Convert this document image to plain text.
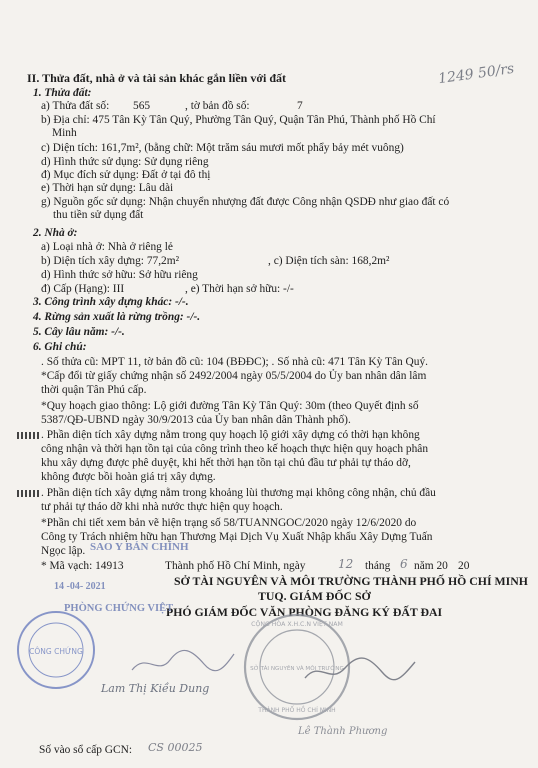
1249 50/rs
II. Thửa đất, nhà ở và tài sản khác gắn liền với đất
1. Thửa đất:
a) Thửa đất số: 565	, tờ bản đồ số:	7
b) Địa chỉ: 475 Tân Kỳ Tân Quý, Phường Tân Quý, Quận Tân Phú, Thành phố Hồ Chí
Minh
c) Diện tích: 161,7m², (bằng chữ: Một trăm sáu mươi mốt phẩy bảy mét vuông)
d) Hình thức sử dụng: Sử dụng riêng
đ) Mục đích sử dụng: Đất ở tại đô thị
e) Thời hạn sử dụng: Lâu dài
g) Nguồn gốc sử dụng: Nhận chuyển nhượng đất được Công nhận QSDĐ như giao đất có
thu tiền sử dụng đất
2. Nhà ở:
a) Loại nhà ở: Nhà ở riêng lẻ
b) Diện tích xây dựng: 77,2m²	, c) Diện tích sàn: 168,2m²
d) Hình thức sở hữu: Sở hữu riêng
đ) Cấp (Hạng): III	, e) Thời hạn sở hữu: -/-
3. Công trình xây dựng khác: -/-.
4. Rừng sản xuất là rừng trồng: -/-.
5. Cây lâu năm: -/-.
6. Ghi chú:
. Số thửa cũ: MPT 11, tờ bản đồ cũ: 104 (BĐĐC); . Số nhà cũ: 471 Tân Kỳ Tân Quý.
*Cấp đổi từ giấy chứng nhận số 2492/2004 ngày 05/5/2004 do Ủy ban nhân dân lâm
thời quận Tân Phú cấp.
*Quy hoạch giao thông: Lộ giới đường Tân Kỳ Tân Quý: 30m (theo Quyết định số
5387/QĐ-UBND ngày 30/9/2013 của Ủy ban nhân dân Thành phố).
. Phần diện tích xây dựng nằm trong quy hoạch lộ giới xây dựng có thời hạn không
công nhận và thời hạn tồn tại của công trình theo kế hoạch thực hiện quy hoạch phân
khu xây dựng được phê duyệt, khi hết thời hạn tồn tại chủ đầu tư phải tự tháo dỡ,
không được bồi hoàn giá trị xây dựng.
. Phần diện tích xây dựng nằm trong khoảng lùi thương mại không công nhận, chủ đầu
tư phải tự tháo dỡ khi nhà nước thực hiện quy hoạch.
*Phần chi tiết xem bản vẽ hiện trạng số 58/TUANNGOC/2020 ngày 12/6/2020 do
Công ty Trách nhiệm hữu hạn Thương Mại Dịch Vụ Xuất Nhập khẩu Xây Dựng Tuấn
Ngọc lập.
* Mã vạch: 14913	Thành phố Hồ Chí Minh, ngày	12 tháng 6 năm 20 20
SỞ TÀI NGUYÊN VÀ MÔI TRƯỜNG THÀNH PHỐ HỒ CHÍ MINH
TUQ. GIÁM ĐỐC SỞ
PHÓ GIÁM ĐỐC VĂN PHÒNG ĐĂNG KÝ ĐẤT ĐAI
SAO Y BẢN CHÍNH
14 -04- 2021
PHÒNG CHỨNG VIỆT
CÔNG CHỨNG
CỘNG HÒA X.H.C.N VIỆT NAM
SỞ TÀI NGUYÊN VÀ MÔI TRƯỜNG
THÀNH PHỐ HỒ CHÍ MINH
Lam Thị Kiều Dung
Lê Thành Phương
Số vào sổ cấp GCN: CS 00025
